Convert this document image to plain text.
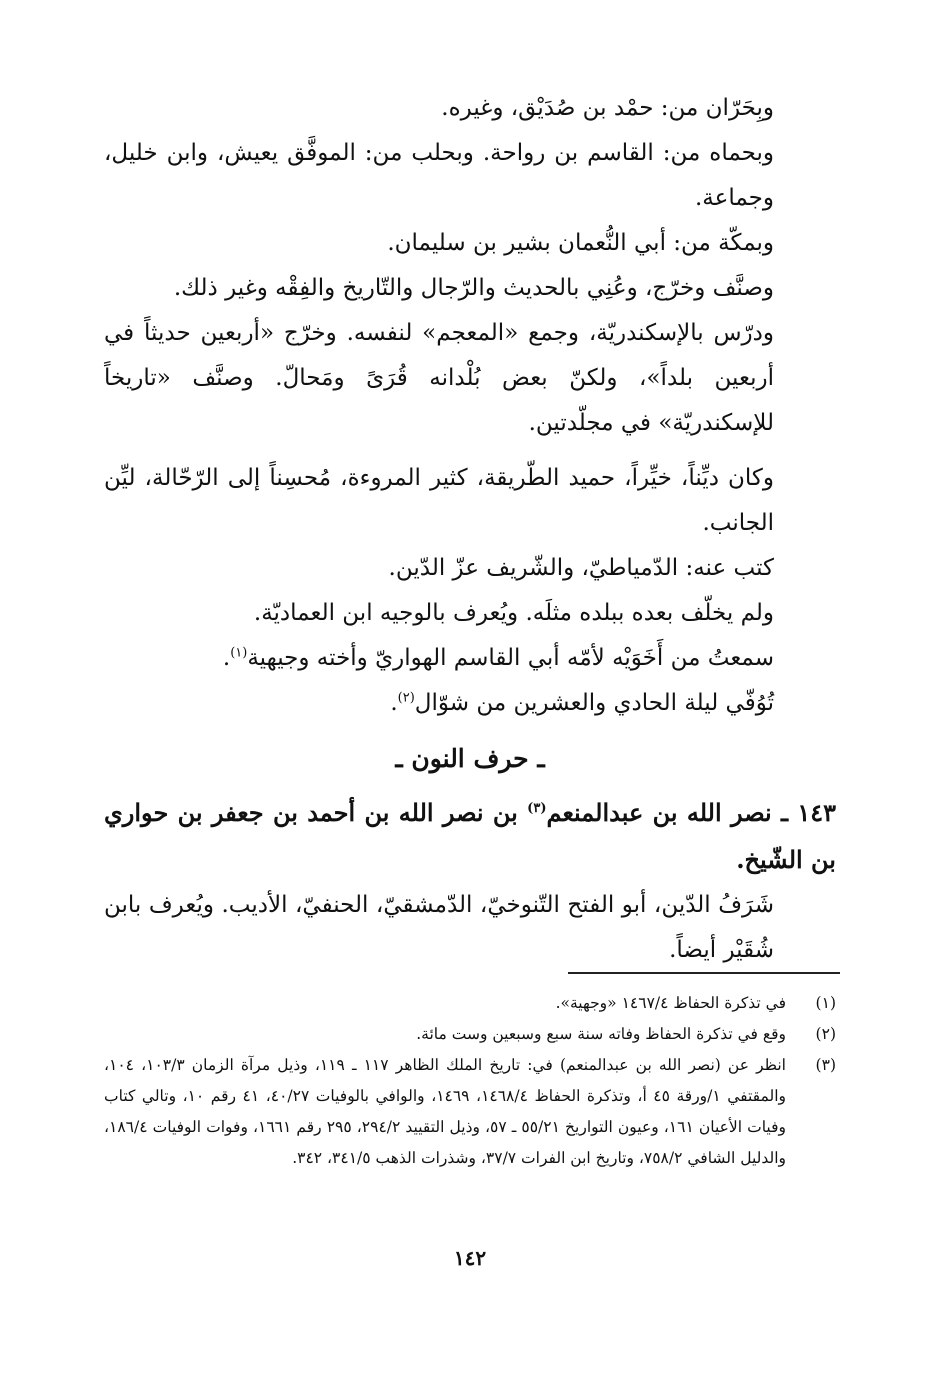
وبِحَرّان من: حمْد بن صُدَيْق، وغيره.

وبحماه من: القاسم بن رواحة. وبحلب من: الموفَّق يعيش، وابن خليل، وجماعة.

وبمكّة من: أبي النُّعمان بشير بن سليمان.

وصنَّف وخرّج، وعُنِي بالحديث والرّجال والتّاريخ والفِقْه وغير ذلك.

ودرّس بالإسكندريّة، وجمع «المعجم» لنفسه. وخرّج «أربعين حديثاً في أربعين بلداً»، ولكنّ بعض بُلْدانه قُرَىً ومَحالّ. وصنَّف «تاريخاً للإسكندريّة» في مجلّدتين.

وكان ديِّناً، خيِّراً، حميد الطّريقة، كثير المروءة، مُحسِناً إلى الرّحّالة، ليِّن الجانب.

كتب عنه: الدّمياطيّ، والشّريف عزّ الدّين.

ولم يخلّف بعده ببلده مثلَه. ويُعرف بالوجيه ابن العماديّة.

سمعتُ من أَخَوَيْه لأمّه أبي القاسم الهواريّ وأخته وجيهية$^{(١)}$.

تُوُفّي ليلة الحادي والعشرين من شوّال$^{(٢)}$.

ـ حرف النون ـ

١٤٣ ـ نصر الله بن عبدالمنعم$^{(٣)}$ بن نصر الله بن أحمد بن جعفر بن حواري بن الشّيخ.

شَرَفُ الدّين، أبو الفتح التّنوخيّ، الدّمشقيّ، الحنفيّ، الأديب. ويُعرف بابن شُقَيْر أيضاً.

(١)
في تذكرة الحفاظ ١٤٦٧/٤ «وجهية».
(٢)
وقع في تذكرة الحفاظ وفاته سنة سبع وسبعين وست مائة.
(٣)
انظر عن (نصر الله بن عبدالمنعم) في: تاريخ الملك الظاهر ١١٧ ـ ١١٩، وذيل مرآة الزمان ١٠٣/٣، ١٠٤، والمقتفي ١/ورقة ٤٥ أ، وتذكرة الحفاظ ١٤٦٨/٤، ١٤٦٩، والوافي بالوفيات ٤٠/٢٧، ٤١ رقم ١٠، وتالي كتاب وفيات الأعيان ١٦١، وعيون التواريخ ٥٥/٢١ ـ ٥٧، وذيل التقييد ٢٩٤/٢، ٢٩٥ رقم ١٦٦١، وفوات الوفيات ١٨٦/٤، والدليل الشافي ٧٥٨/٢، وتاريخ ابن الفرات ٣٧/٧، وشذرات الذهب ٣٤١/٥، ٣٤٢.
١٤٢
